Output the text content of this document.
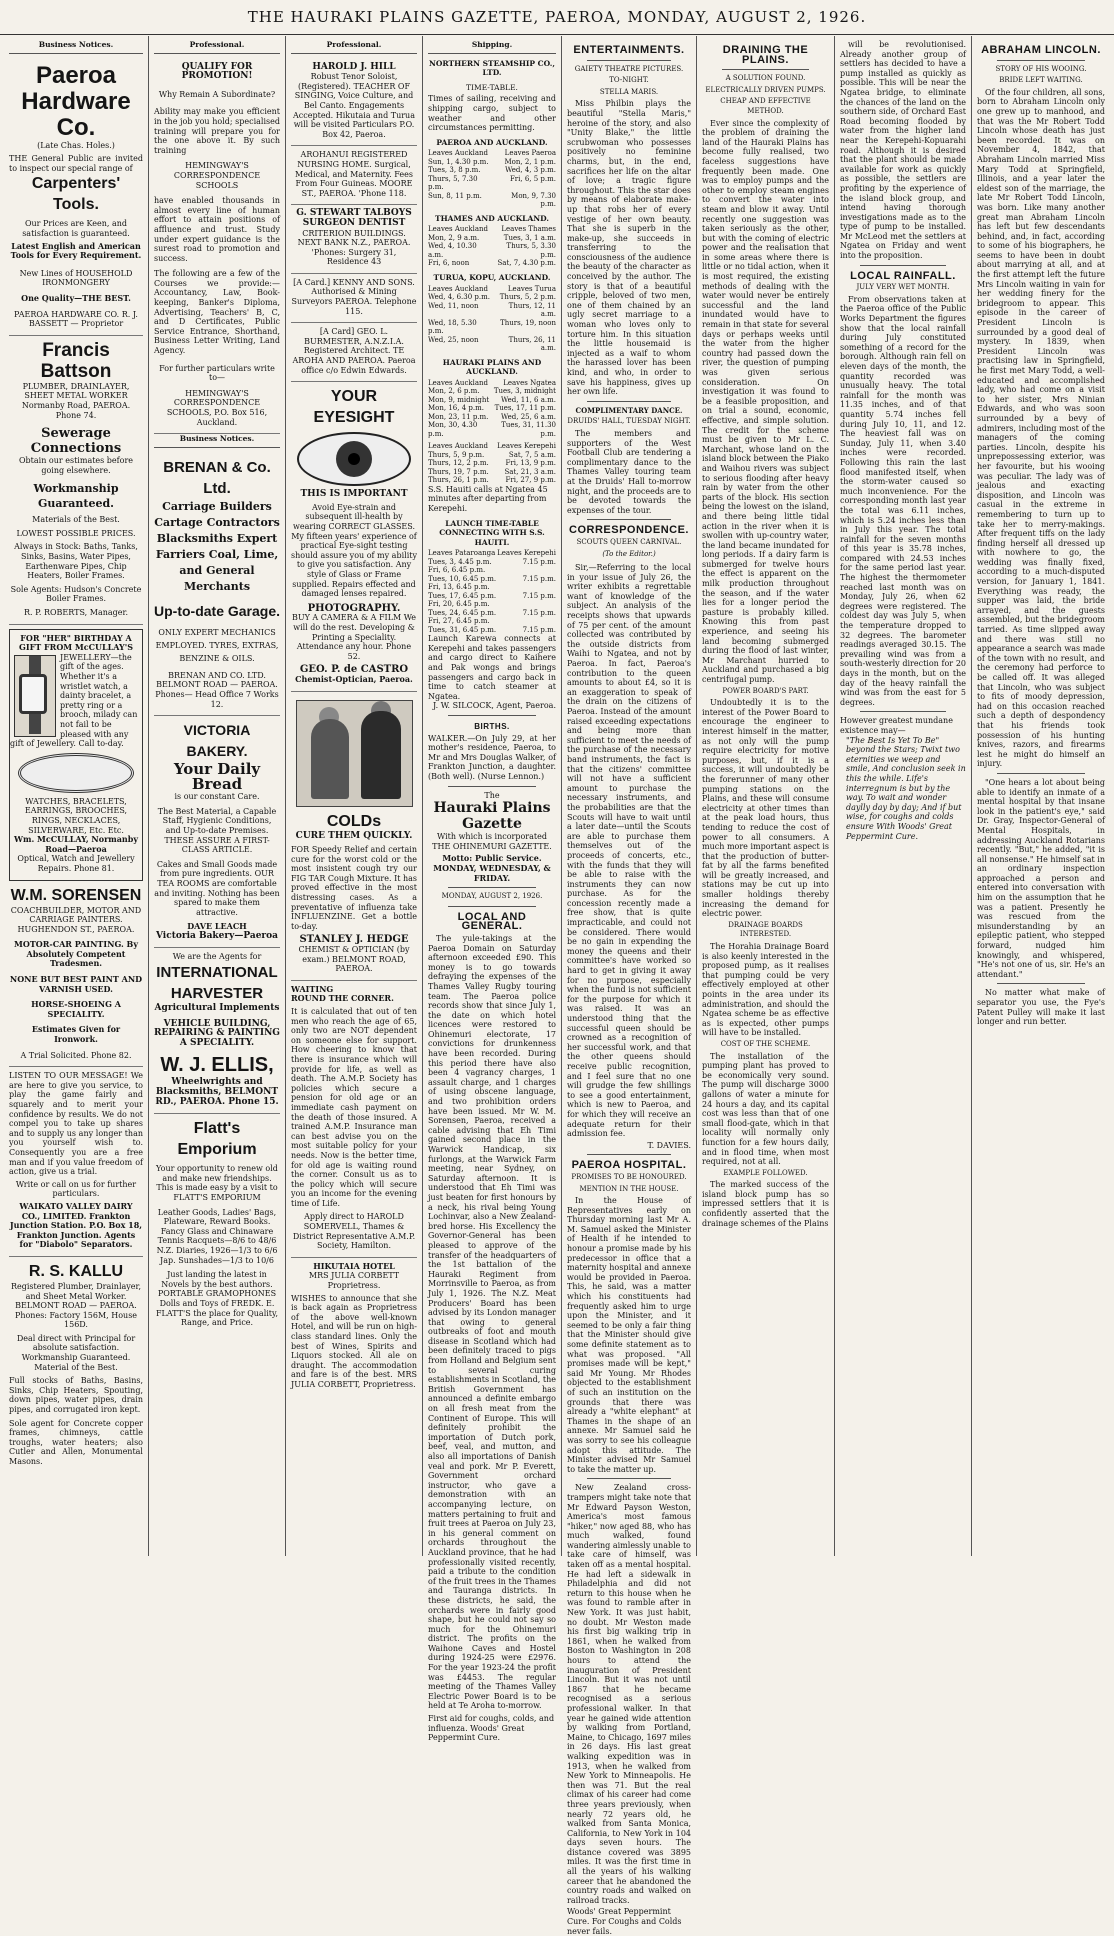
THE HAURAKI PLAINS GAZETTE, PAEROA, MONDAY, AUGUST 2, 1926.
Business Notices.
Paeroa Hardware Co.
(Late Chas. Holes.)
THE General Public are invited to inspect our special range of
Carpenters' Tools.
Our Prices are Keen, and satisfaction is guaranteed.
Latest English and American Tools for Every Requirement.
New Lines of HOUSEHOLD IRONMONGERY
One Quality—THE BEST.
PAEROA HARDWARE CO. R. J. BASSETT — Proprietor
Francis Battson
PLUMBER, DRAINLAYER, SHEET METAL WORKER Normanby Road, PAEROA. Phone 74.
Sewerage Connections
Obtain our estimates before going elsewhere.
Workmanship Guaranteed.
Materials of the Best.
LOWEST POSSIBLE PRICES.
Always in Stock: Baths, Tanks, Sinks, Basins, Water Pipes, Earthenware Pipes, Chip Heaters, Boiler Frames.
Sole Agents: Hudson's Concrete Boiler Frames.
R. P. ROBERTS, Manager.
FOR "HER" BIRTHDAY A GIFT FROM McCULLAY'S
JEWELLERY—the gift of the ages. Whether it's a wristlet watch, a dainty bracelet, a pretty ring or a brooch, milady can not fail to be pleased with any gift of Jewellery. Call to-day.
WATCHES, BRACELETS, EARRINGS, BROOCHES, RINGS, NECKLACES, SILVERWARE, Etc. Etc.
Wm. McCULLAY, Normanby Road—Paeroa
Optical, Watch and Jewellery Repairs. Phone 81.
W.M. SORENSEN
COACHBUILDER, MOTOR AND CARRIAGE PAINTERS. HUGHENDON ST., PAEROA.
MOTOR-CAR PAINTING. By Absolutely Competent Tradesmen.
NONE BUT BEST PAINT AND VARNISH USED.
HORSE-SHOEING A SPECIALITY.
Estimates Given for Ironwork.
A Trial Solicited. Phone 82.
LISTEN TO OUR MESSAGE! We are here to give you service, to play the game fairly and squarely and to merit your confidence by results. We do not compel you to take up shares and to supply us any longer than you yourself wish to. Consequently you are a free man and if you value freedom of action, give us a trial.
Write or call on us for further particulars.
WAIKATO VALLEY DAIRY CO., LIMITED. Frankton Junction Station. P.O. Box 18, Frankton Junction. Agents for "Diabolo" Separators.
R. S. KALLU
Registered Plumber, Drainlayer, and Sheet Metal Worker. BELMONT ROAD — PAEROA. Phones: Factory 156M, House 156D.
Deal direct with Principal for absolute satisfaction. Workmanship Guaranteed. Material of the Best.
Full stocks of Baths, Basins, Sinks, Chip Heaters, Spouting, down pipes, water pipes, drain pipes, and corrugated iron kept.
Sole agent for Concrete copper frames, chimneys, cattle troughs, water heaters; also Cutler and Allen, Monumental Masons.
Professional.
QUALIFY FOR PROMOTION!
Why Remain A Subordinate?
Ability may make you efficient in the job you hold; specialised training will prepare you for the one above it. By such training
HEMINGWAY'S CORRESPONDENCE SCHOOLS
have enabled thousands in almost every line of human effort to attain positions of affluence and trust. Study under expert guidance is the surest road to promotion and success.
The following are a few of the Courses we provide:— Accountancy, Law, Book-keeping, Banker's Diploma, Advertising, Teachers' B, C, and D Certificates, Public Service Entrance, Shorthand, Business Letter Writing, Land Agency.
For further particulars write to—
HEMINGWAY'S CORRESPONDENCE SCHOOLS, P.O. Box 516, Auckland.
Business Notices.
BRENAN & Co. Ltd.
Carriage Builders Cartage Contractors Blacksmiths Expert Farriers Coal, Lime, and General Merchants
Up-to-date Garage.
ONLY EXPERT MECHANICS EMPLOYED. TYRES, EXTRAS, BENZINE & OILS.
BRENAN AND CO. LTD. BELMONT ROAD — PAEROA. Phones— Head Office 7 Works 12.
VICTORIA BAKERY.
Your Daily Bread
is our constant Care.
The Best Material, a Capable Staff, Hygienic Conditions, and Up-to-date Premises. THESE ASSURE A FIRST-CLASS ARTICLE.
Cakes and Small Goods made from pure ingredients. OUR TEA ROOMS are comfortable and inviting. Nothing has been spared to make them attractive.
DAVE LEACH
Victoria Bakery—Paeroa
We are the Agents for
INTERNATIONAL HARVESTER
Agricultural Implements
VEHICLE BUILDING, REPAIRING & PAINTING A SPECIALITY.
W. J. ELLIS,
Wheelwrights and Blacksmiths, BELMONT RD., PAEROA. Phone 15.
Flatt's Emporium
Your opportunity to renew old and make new friendships. This is made easy by a visit to FLATT'S EMPORIUM
Leather Goods, Ladies' Bags, Plateware, Reward Books. Fancy Glass and Chinaware Tennis Racquets—8/6 to 48/6 N.Z. Diaries, 1926—1/3 to 6/6 Jap. Sunshades—1/3 to 10/6
Just landing the latest in Novels by the best authors. PORTABLE GRAMOPHONES Dolls and Toys of FREDK. E. FLATT'S the place for Quality, Range, and Price.
Professional.
HAROLD J. HILL
Robust Tenor Soloist, (Registered). TEACHER OF SINGING, Voice Culture, and Bel Canto. Engagements Accepted. Hikutaia and Turua will be visited Particulars P.O. Box 42, Paeroa.
AROHANUI REGISTERED NURSING HOME. Surgical, Medical, and Maternity. Fees From Four Guineas. MOORE ST., PAEROA. 'Phone 118.
G. STEWART TALBOYS SURGEON DENTIST
CRITERION BUILDINGS. NEXT BANK N.Z., PAEROA. 'Phones: Surgery 31, Residence 43
[A Card.] KENNY AND SONS. Authorised & Mining Surveyors PAEROA. Telephone 115.
[A Card] GEO. L. BURMESTER, A.N.Z.I.A. Registered Architect. TE AROHA AND PAEROA. Paeroa office c/o Edwin Edwards.
YOUR EYESIGHT
THIS IS IMPORTANT
Avoid Eye-strain and subsequent ill-health by wearing CORRECT GLASSES. My fifteen years' experience of practical Eye-sight testing should assure you of my ability to give you satisfaction. Any style of Glass or Frame supplied. Repairs effected and damaged lenses repaired.
PHOTOGRAPHY.
BUY A CAMERA & A FILM We will do the rest. Developing & Printing a Speciality. Attendance any hour. Phone 52.
GEO. P. de CASTRO
Chemist-Optician, Paeroa.
COLDs
CURE THEM QUICKLY.
FOR Speedy Relief and certain cure for the worst cold or the most insistent cough try our FIG TAR Cough Mixture. It has proved effective in the most distressing cases. As a preventative of influenza take INFLUENZINE. Get a bottle to-day.
STANLEY J. HEDGE
CHEMIST & OPTICIAN (by exam.) BELMONT ROAD, PAEROA.
WAITING
ROUND THE CORNER.
It is calculated that out of ten men who reach the age of 65, only two are NOT dependent on someone else for support. How cheering to know that there is insurance which will provide for life, as well as death. The A.M.P. Society has policies which secure a pension for old age or an immediate cash payment on the death of those insured. A trained A.M.P. Insurance man can best advise you on the most suitable policy for your needs. Now is the better time, for old age is waiting round the corner. Consult us as to the policy which will secure you an income for the evening time of Life.
Apply direct to HAROLD SOMERVELL, Thames & District Representative A.M.P. Society, Hamilton.
HIKUTAIA HOTEL
MRS JULIA CORBETT Proprietress.
WISHES to announce that she is back again as Proprietress of the above well-known Hotel, and will be run on high-class standard lines. Only the best of Wines, Spirits and Liquors stocked. All ale on draught. The accommodation and fare is of the best. MRS JULIA CORBETT, Proprietress.
Shipping.
NORTHERN STEAMSHIP CO., LTD.
TIME-TABLE.
Times of sailing, receiving and shipping cargo, subject to weather and other circumstances permitting.
PAEROA AND AUCKLAND.
Leaves Auckland	Leaves Paeroa
Sun, 1, 4.30 p.m.	Mon, 2, 1 p.m.
Tues, 3, 8 p.m.	Wed, 4, 3 p.m.
Thurs, 5, 7.30 p.m.	Fri, 6, 5 p.m.
Sun, 8, 11 p.m.	Mon, 9, 7.30 p.m.
THAMES AND AUCKLAND.
Leaves Auckland	Leaves Thames
Mon, 2, 9 a.m.	Tues, 3, 1 a.m.
Wed, 4, 10.30 a.m.	Thurs, 5, 3.30 p.m.
Fri, 6, noon	Sat, 7, 4.30 p.m.
TURUA, KOPU, AUCKLAND.
Leaves Auckland	Leaves Turua
Wed, 4, 6.30 p.m.	Thurs, 5, 2 p.m.
Wed, 11, noon	Thurs, 12, 11 a.m.
Wed, 18, 5.30 p.m.	Thurs, 19, noon
Wed, 25, noon	Thurs, 26, 11 a.m.
HAURAKI PLAINS AND AUCKLAND.
Leaves Auckland	Leaves Ngatea
Mon, 2, 6 p.m.	Tues, 3, midnight
Mon, 9, midnight	Wed, 11, 6 a.m.
Mon, 16, 4 p.m.	Tues, 17, 11 p.m.
Mon, 23, 11 p.m.	Wed, 25, 6 a.m.
Mon, 30, 4.30 p.m.	Tues, 31, 11.30 p.m.
Leaves Auckland	Leaves Kerepehi
Thurs, 5, 9 p.m.	Sat, 7, 5 a.m.
Thurs, 12, 2 p.m.	Fri, 13, 9 p.m.
Thurs, 19, 7 p.m.	Sat, 21, 3 a.m.
Thurs, 26, 1 p.m.	Fri, 27, 9 p.m.
S.S. Hauiti calls at Ngatea 45 minutes after departing from Kerepehi.
LAUNCH TIME-TABLE CONNECTING WITH S.S. HAUITI.
Leaves Pataroanga	Leaves Kerepehi
Tues, 3, 4.45 p.m.	7.15 p.m.
Fri, 6, 6.45 p.m.	
Tues, 10, 6.45 p.m.	7.15 p.m.
Fri, 13, 6.45 p.m.	
Tues, 17, 6.45 p.m.	7.15 p.m.
Fri, 20, 6.45 p.m.	
Tues, 24, 6.45 p.m.	7.15 p.m.
Fri, 27, 6.45 p.m.	
Tues, 31, 6.45 p.m.	7.15 p.m.
Launch Karewa connects at Kerepehi and takes passengers and cargo direct to Kaihere and Pak wongs and brings passengers and cargo back in time to catch steamer at Ngatea.
J. W. SILCOCK, Agent, Paeroa.
BIRTHS.
WALKER.—On July 29, at her mother's residence, Paeroa, to Mr and Mrs Douglas Walker, of Frankton Junction, a daughter. (Both well). (Nurse Lennon.)
The
Hauraki Plains Gazette
With which is incorporated THE OHINEMURI GAZETTE.
Motto: Public Service. MONDAY, WEDNESDAY, & FRIDAY.
MONDAY, AUGUST 2, 1926.
LOCAL AND GENERAL.
The yule-takings at the Paeroa Domain on Saturday afternoon exceeded £90. This money is to go towards defraying the expenses of the Thames Valley Rugby touring team. The Paeroa police records show that since July 1, the date on which hotel licences were restored to Ohinemuri electorate, 17 convictions for drunkenness have been recorded. During this period there have also been 4 vagrancy charges, 1 assault charge, and 1 charges of using obscene language, and two prohibition orders have been issued. Mr W. M. Sorensen, Paeroa, received a cable advising that Eh Timi gained second place in the Warwick Handicap, six furlongs, at the Warwick Farm meeting, near Sydney, on Saturday afternoon. It is understood that Eh Timi was just beaten for first honours by a neck, his rival being Young Lochinvar, also a New Zealand-bred horse. His Excellency the Governor-General has been pleased to approve of the transfer of the headquarters of the 1st battalion of the Hauraki Regiment from Morrinsville to Paeroa, as from July 1, 1926. The N.Z. Meat Producers' Board has been advised by its London manager that owing to general outbreaks of foot and mouth disease in Scotland which had been definitely traced to pigs from Holland and Belgium sent to several curing establishments in Scotland, the British Government has announced a definite embargo on all fresh meat from the Continent of Europe. This will definitely prohibit the importation of Dutch pork, beef, veal, and mutton, and also all importations of Danish veal and pork. Mr P. Everett, Government orchard instructor, who gave a demonstration with an accompanying lecture, on matters pertaining to fruit and fruit trees at Paeroa on July 23, in his general comment on orchards throughout the Auckland province, that he had professionally visited recently, paid a tribute to the condition of the fruit trees in the Thames and Tauranga districts. In these districts, he said, the orchards were in fairly good shape, but he could not say so much for the Ohinemuri district. The profits on the Waihone Caves and Hostel during 1924-25 were £2976. For the year 1923-24 the profit was £4453. The regular meeting of the Thames Valley Electric Power Board is to be held at Te Aroha to-morrow.
First aid for coughs, colds, and influenza. Woods' Great Peppermint Cure.
ENTERTAINMENTS.
GAIETY THEATRE PICTURES.
TO-NIGHT.
STELLA MARIS.
Miss Philbin plays the beautiful "Stella Maris," heroine of the story, and also "Unity Blake," the little scrubwoman who possesses positively no feminine charms, but, in the end, sacrifices her life on the altar of love; a tragic figure throughout. This the star does by means of elaborate make-up that robs her of every vestige of her own beauty. That she is superb in the make-up, she succeeds in transferring to the consciousness of the audience the beauty of the character as conceived by the author. The story is that of a beautiful cripple, beloved of two men, one of them chained by an ugly secret marriage to a woman who loves only to torture him. In this situation the little housemaid is injected as a waif to whom the harassed lover has been kind, and who, in order to save his happiness, gives up her own life.
COMPLIMENTARY DANCE.
DRUIDS' HALL, TUESDAY NIGHT.
The members and supporters of the West Football Club are tendering a complimentary dance to the Thames Valley touring team at the Druids' Hall to-morrow night, and the proceeds are to be devoted towards the expenses of the tour.
CORRESPONDENCE.
SCOUTS QUEEN CARNIVAL.
(To the Editor.)
Sir,—Referring to the local in your issue of July 26, the writer exhibits a regrettable want of knowledge of the subject. An analysis of the receipts shows that upwards of 75 per cent. of the amount collected was contributed by the outside districts from Waihi to Ngatea, and not by Paeroa. In fact, Paeroa's contribution to the queen amounts to about £4, so it is an exaggeration to speak of the drain on the citizens of Paeroa. Instead of the amount raised exceeding expectations and being more than sufficient to meet the needs of the purchase of the necessary band instruments, the fact is that the citizens' committee will not have a sufficient amount to purchase the necessary instruments, and the probabilities are that the Scouts will have to wait until a later date—until the Scouts are able to purchase them themselves out of the proceeds of concerts, etc., with the funds that they will be able to raise with the instruments they can now purchase. As for the concession recently made a free show, that is quite impracticable, and could not be considered. There would be no gain in expending the money the queens and their committee's have worked so hard to get in giving it away for no purpose, especially when the fund is not sufficient for the purpose for which it was raised. It was an understood thing that the successful queen should be crowned as a recognition of her successful work, and that the other queens should receive public recognition, and I feel sure that no one will grudge the few shillings to see a good entertainment, which is new to Paeroa, and for which they will receive an adequate return for their admission fee.
T. DAVIES.
PAEROA HOSPITAL.
PROMISES TO BE HONOURED.
MENTION IN THE HOUSE.
In the House of Representatives early on Thursday morning last Mr A. M. Samuel asked the Minister of Health if he intended to honour a promise made by his predecessor in office that a maternity hospital and annexe would be provided in Paeroa. This, he said, was a matter which his constituents had frequently asked him to urge upon the Minister, and it seemed to be only a fair thing that the Minister should give some definite statement as to what was proposed. "All promises made will be kept," said Mr Young. Mr Rhodes objected to the establishment of such an institution on the grounds that there was already a "white elephant" at Thames in the shape of an annexe. Mr Samuel said he was sorry to see his colleague adopt this attitude. The Minister advised Mr Samuel to take the matter up.
New Zealand cross-trampers might take note that Mr Edward Payson Weston, America's most famous "hiker," now aged 88, who has much walked, found wandering aimlessly unable to take care of himself, was taken off as a mental hospital. He had left a sidewalk in Philadelphia and did not return to this house when he was found to ramble after in New York. It was just habit, no doubt. Mr Weston made his first big walking trip in 1861, when he walked from Boston to Washington in 208 hours to attend the inauguration of President Lincoln. But it was not until 1867 that he became recognised as a serious professional walker. In that year he gained wide attention by walking from Portland, Maine, to Chicago, 1697 miles in 26 days. His last great walking expedition was in 1913, when he walked from New York to Minneapolis. He then was 71. But the real climax of his career had come three years previously, when nearly 72 years old, he walked from Santa Monica, California, to New York in 104 days seven hours. The distance covered was 3895 miles. It was the first time in all the years of his walking career that he abandoned the country roads and walked on railroad tracks.
Woods' Great Peppermint Cure. For Coughs and Colds never fails.
DRAINING THE PLAINS.
A SOLUTION FOUND.
ELECTRICALLY DRIVEN PUMPS.
CHEAP AND EFFECTIVE METHOD.
Ever since the complexity of the problem of draining the land of the Hauraki Plains has become fully realised, two faceless suggestions have frequently been made. One was to employ pumps and the other to employ steam engines to convert the water into steam and blow it away. Until recently one suggestion was taken seriously as the other, but with the coming of electric power and the realisation that in some areas where there is little or no tidal action, when it is most required, the existing methods of dealing with the water would never be entirely successful and the land inundated would have to remain in that state for several days or perhaps weeks until the water from the higher country had passed down the river, the question of pumping was given serious consideration. On investigation it was found to be a feasible proposition, and on trial a sound, economic, effective, and simple solution. The credit for the scheme must be given to Mr L. C. Marchant, whose land on the island block between the Piako and Waihou rivers was subject to serious flooding after heavy rain by water from the other parts of the block. His section being the lowest on the island, and there being little tidal action in the river when it is swollen with up-country water, the land became inundated for long periods. If a dairy farm is submerged for twelve hours the effect is apparent on the milk production throughout the season, and if the water lies for a longer period the pasture is probably killed. Knowing this from past experience, and seeing his land becoming submerged during the flood of last winter, Mr Marchant hurried to Auckland and purchased a big centrifugal pump.
POWER BOARD'S PART.
Undoubtedly it is to the interest of the Power Board to encourage the engineer to interest himself in the matter, as not only will the pump require electricity for motive purposes, but, if it is a success, it will undoubtedly be the forerunner of many other pumping stations on the Plains, and these will consume electricity at other times than at the peak load hours, thus tending to reduce the cost of power to all consumers. A much more important aspect is that the production of butter-fat by all the farms benefited will be greatly increased, and stations may be cut up into smaller holdings thereby increasing the demand for electric power.
DRAINAGE BOARDS INTERESTED.
The Horahia Drainage Board is also keenly interested in the proposed pump, as it realises that pumping could be very effectively employed at other points in the area under its administration, and should the Ngatea scheme be as effective as is expected, other pumps will have to be installed.
COST OF THE SCHEME.
The installation of the pumping plant has proved to be economically very sound. The pump will discharge 3000 gallons of water a minute for 24 hours a day, and its capital cost was less than that of one small flood-gate, which in that locality will normally only function for a few hours daily, and in flood time, when most required, not at all.
EXAMPLE FOLLOWED.
The marked success of the island block pump has so impressed settlers that it is confidently asserted that the drainage schemes of the Plains
will be revolutionised. Already another group of settlers has decided to have a pump installed as quickly as possible. This will be near the Ngatea bridge, to eliminate the chances of the land on the southern side, of Orchard East Road becoming flooded by water from the higher land near the Kerepehi-Kopuarahi road. Although it is desired that the plant should be made available for work as quickly as possible, the settlers are profiting by the experience of the island block group, and intend having thorough investigations made as to the type of pump to be installed. Mr McLeod met the settlers at Ngatea on Friday and went into the proposition.
LOCAL RAINFALL.
JULY VERY WET MONTH.
From observations taken at the Paeroa office of the Public Works Department the figures show that the local rainfall during July constituted something of a record for the borough. Although rain fell on eleven days of the month, the quantity recorded was unusually heavy. The total rainfall for the month was 11.35 inches, and of that quantity 5.74 inches fell during July 10, 11, and 12. The heaviest fall was on Sunday, July 11, when 3.40 inches were recorded. Following this rain the last flood manifested itself, when the storm-water caused so much inconvenience. For the corresponding month last year the total was 6.11 inches, which is 5.24 inches less than in July this year. The total rainfall for the seven months of this year is 35.78 inches, compared with 24.53 inches for the same period last year. The highest the thermometer reached last month was on Monday, July 26, when 62 degrees were registered. The coldest day was July 5, when the temperature dropped to 32 degrees. The barometer readings averaged 30.15. The prevailing wind was from a south-westerly direction for 20 days in the month, but on the day of the heavy rainfall the wind was from the east for 5 degrees.
However greatest mundane existence may—
"The Best Is Yet To Be" beyond the Stars; Twixt two eternities we weep and smile, And conclusion seek in this the while. Life's interregnum is but by the way. To wait and wonder daylly day by day; And if but wise, for coughs and colds ensure With Woods' Great Peppermint Cure.
ABRAHAM LINCOLN.
STORY OF HIS WOOING.
BRIDE LEFT WAITING.
Of the four children, all sons, born to Abraham Lincoln only one grew up to manhood, and that was the Mr Robert Todd Lincoln whose death has just been recorded. It was on November 4, 1842, that Abraham Lincoln married Miss Mary Todd at Springfield, Illinois, and a year later the eldest son of the marriage, the late Mr Robert Todd Lincoln, was born. Like many another great man Abraham Lincoln has left but few descendants behind, and, in fact, according to some of his biographers, he seems to have been in doubt about marrying at all, and at the first attempt left the future Mrs Lincoln waiting in vain for her wedding finery for the bridegroom to appear. This episode in the career of President Lincoln is surrounded by a good deal of mystery. In 1839, when President Lincoln was practising law in Springfield, he first met Mary Todd, a well-educated and accomplished lady, who had come on a visit to her sister, Mrs Ninian Edwards, and who was soon surrounded by a bevy of admirers, including most of the managers of the coming parties. Lincoln, despite his unprepossessing exterior, was her favourite, but his wooing was peculiar. The lady was of jealous and exacting disposition, and Lincoln was casual in the extreme in remembering to turn up to take her to merry-makings. After frequent tiffs on the lady finding herself all dressed up with nowhere to go, the wedding was finally fixed, according to a much-disputed version, for January 1, 1841. Everything was ready, the supper was laid, the bride arrayed, and the guests assembled, but the bridegroom tarried. As time slipped away and there was still no appearance a search was made of the town with no result, and the ceremony had perforce to be called off. It was alleged that Lincoln, who was subject to fits of moody depression, had on this occasion reached such a depth of despondency that his friends took possession of his hunting knives, razors, and firearms lest he might do himself an injury.
"One hears a lot about being able to identify an inmate of a mental hospital by that insane look in the patient's eye," said Dr. Gray, Inspector-General of Mental Hospitals, in addressing Auckland Rotarians recently. "But," he added, "it is all nonsense." He himself sat in an ordinary inspection approached a person and entered into conversation with him on the assumption that he was a patient. Presently he was rescued from the misunderstanding by an epileptic patient, who stepped forward, nudged him knowingly, and whispered, "He's not one of us, sir. He's an attendant."
No matter what make of separator you use, the Fye's Patent Pulley will make it last longer and run better.
